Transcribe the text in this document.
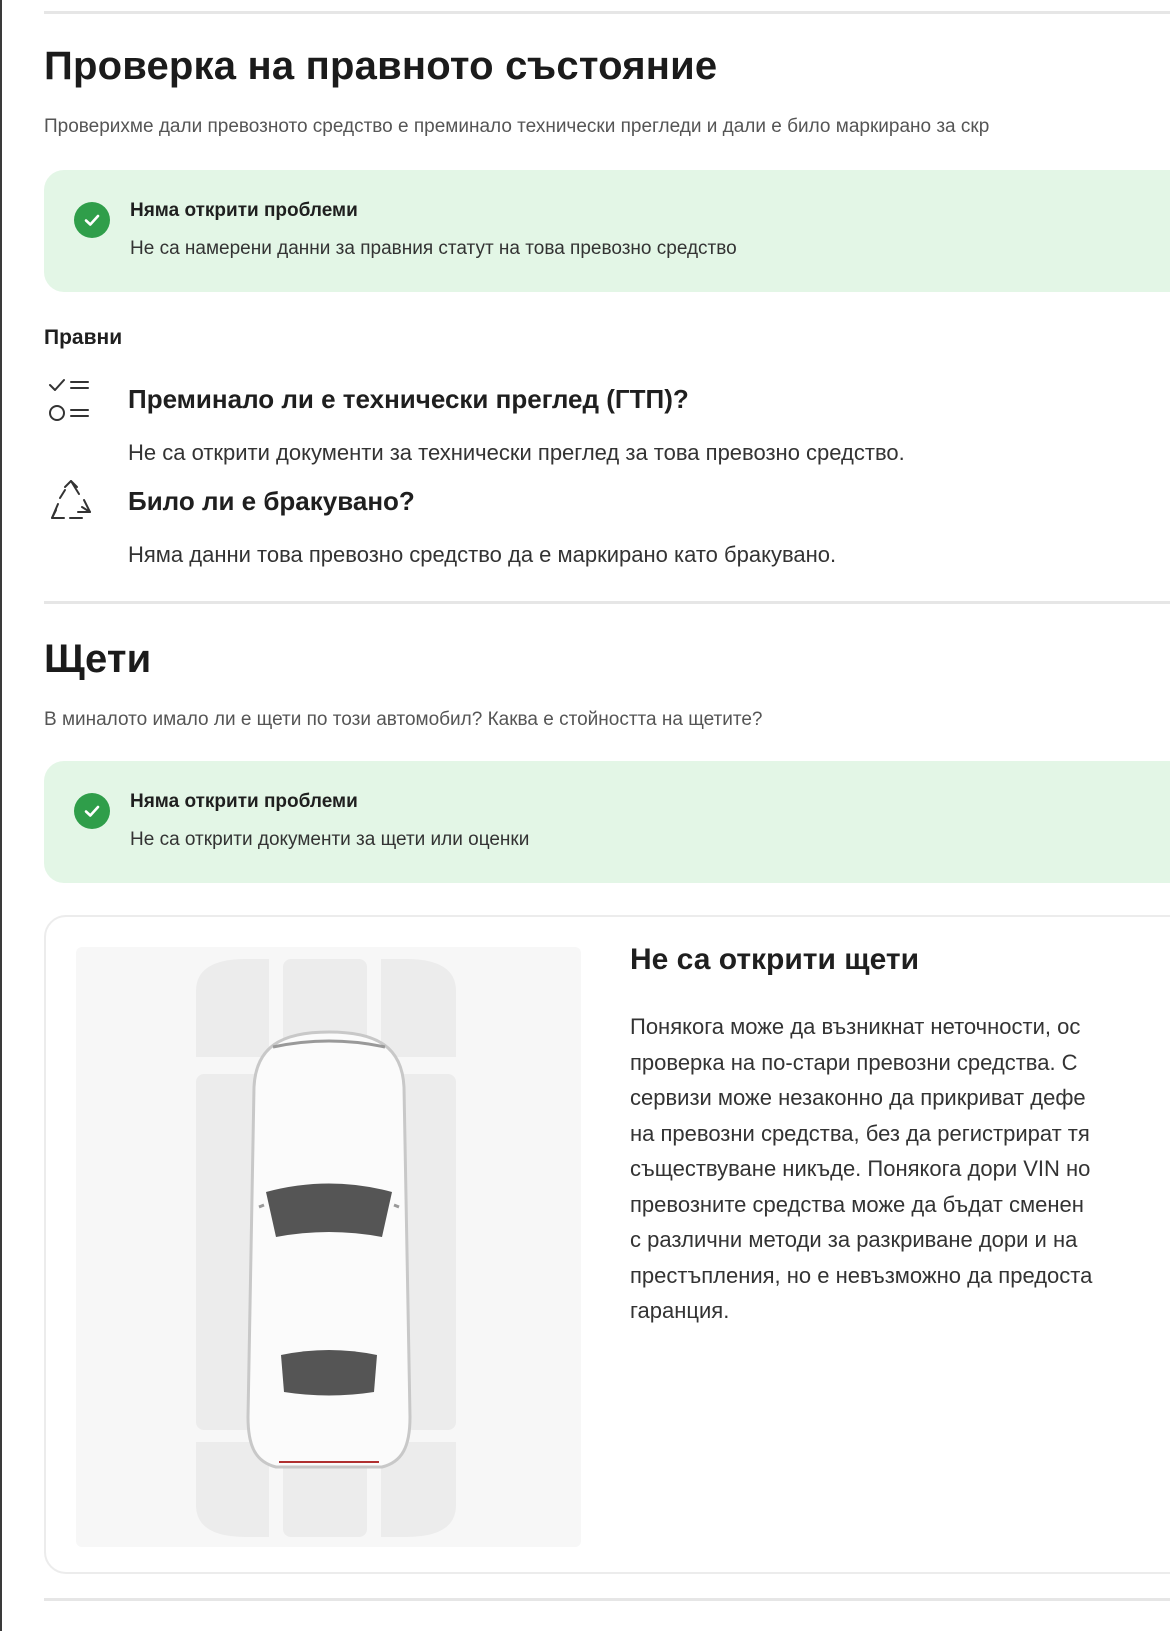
Проверка на правното състояние
Проверихме дали превозното средство е преминало технически прегледи и дали е било маркирано за скр
Няма открити проблеми
Не са намерени данни за правния статут на това превозно средство
Правни
Преминало ли е технически преглед (ГТП)?
Не са открити документи за технически преглед за това превозно средство.
Било ли е бракувано?
Няма данни това превозно средство да е маркирано като бракувано.
Щети
В миналото имало ли е щети по този автомобил? Каква е стойността на щетите?
Няма открити проблеми
Не са открити документи за щети или оценки
Не са открити щети

Понякога може да възникнат неточности, ос
проверка на по-стари превозни средства. С
сервизи може незаконно да прикриват дефе
на превозни средства, без да регистрират тя
съществуване никъде. Понякога дори VIN но
превозните средства може да бъдат сменен
с различни методи за разкриване дори и на
престъпления, но е невъзможно да предоста
гаранция.
